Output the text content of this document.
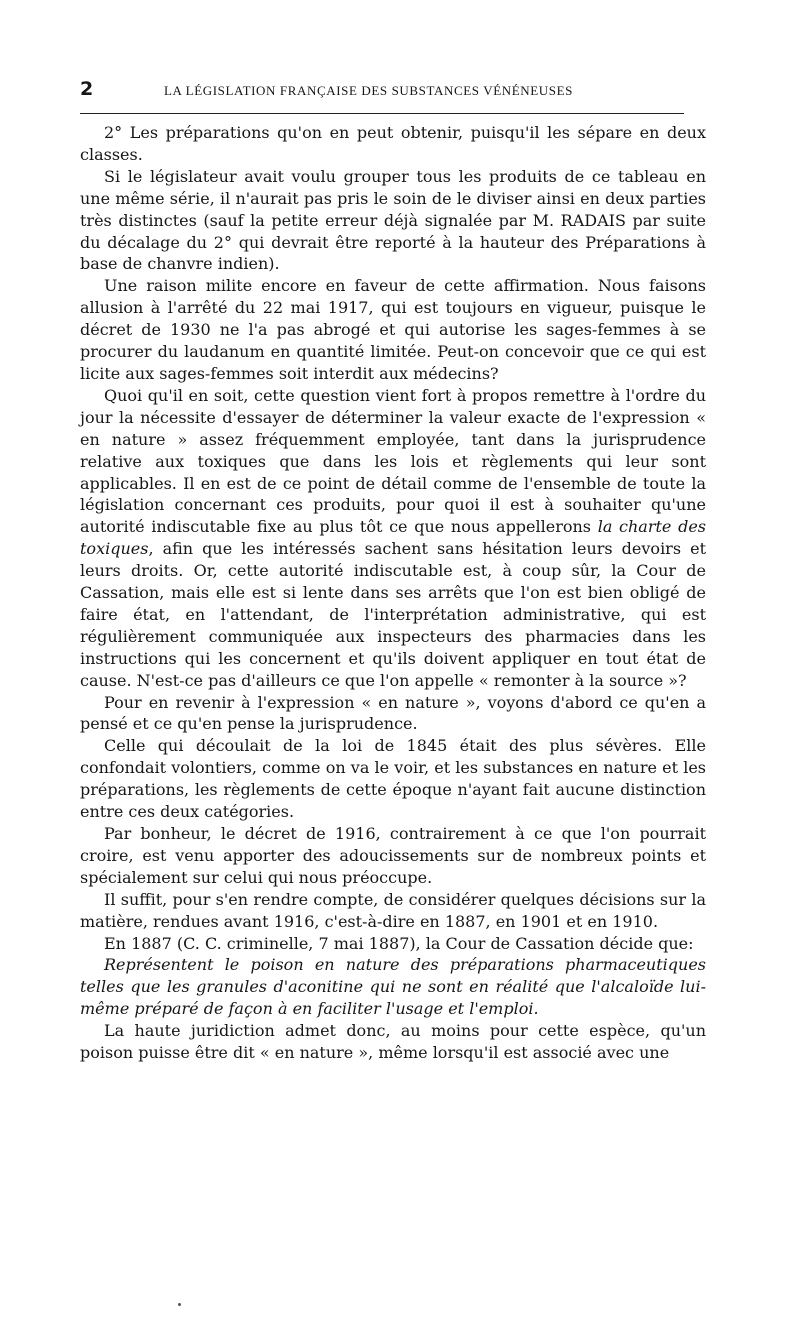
2	LA LÉGISLATION FRANÇAISE DES SUBSTANCES VÉNÉNEUSES

2° Les préparations qu'on en peut obtenir, puisqu'il les sépare en deux classes.

Si le législateur avait voulu grouper tous les produits de ce tableau en une même série, il n'aurait pas pris le soin de le diviser ainsi en deux parties très distinctes (sauf la petite erreur déjà signalée par M. RADAIS par suite du décalage du 2° qui devrait être reporté à la hauteur des Préparations à base de chanvre indien).

Une raison milite encore en faveur de cette affirmation. Nous faisons allusion à l'arrêté du 22 mai 1917, qui est toujours en vigueur, puisque le décret de 1930 ne l'a pas abrogé et qui autorise les sages-femmes à se procurer du laudanum en quantité limitée. Peut-on concevoir que ce qui est licite aux sages-femmes soit interdit aux médecins?

Quoi qu'il en soit, cette question vient fort à propos remettre à l'ordre du jour la nécessite d'essayer de déterminer la valeur exacte de l'expression « en nature » assez fréquemment employée, tant dans la jurisprudence relative aux toxiques que dans les lois et règlements qui leur sont applicables. Il en est de ce point de détail comme de l'ensemble de toute la législation concernant ces produits, pour quoi il est à souhaiter qu'une autorité indiscutable fixe au plus tôt ce que nous appellerons la charte des toxiques, afin que les intéressés sachent sans hésitation leurs devoirs et leurs droits. Or, cette autorité indiscutable est, à coup sûr, la Cour de Cassation, mais elle est si lente dans ses arrêts que l'on est bien obligé de faire état, en l'attendant, de l'interprétation administrative, qui est régulièrement communiquée aux inspecteurs des pharmacies dans les instructions qui les concernent et qu'ils doivent appliquer en tout état de cause. N'est-ce pas d'ailleurs ce que l'on appelle « remonter à la source »?

Pour en revenir à l'expression « en nature », voyons d'abord ce qu'en a pensé et ce qu'en pense la jurisprudence.

Celle qui découlait de la loi de 1845 était des plus sévères. Elle confondait volontiers, comme on va le voir, et les substances en nature et les préparations, les règlements de cette époque n'ayant fait aucune distinction entre ces deux catégories.

Par bonheur, le décret de 1916, contrairement à ce que l'on pourrait croire, est venu apporter des adoucissements sur de nombreux points et spécialement sur celui qui nous préoccupe.

Il suffit, pour s'en rendre compte, de considérer quelques décisions sur la matière, rendues avant 1916, c'est-à-dire en 1887, en 1901 et en 1910.

En 1887 (C. C. criminelle, 7 mai 1887), la Cour de Cassation décide que:

Représentent le poison en nature des préparations pharmaceutiques telles que les granules d'aconitine qui ne sont en réalité que l'alcaloïde lui-même préparé de façon à en faciliter l'usage et l'emploi.

La haute juridiction admet donc, au moins pour cette espèce, qu'un poison puisse être dit « en nature », même lorsqu'il est associé avec une
